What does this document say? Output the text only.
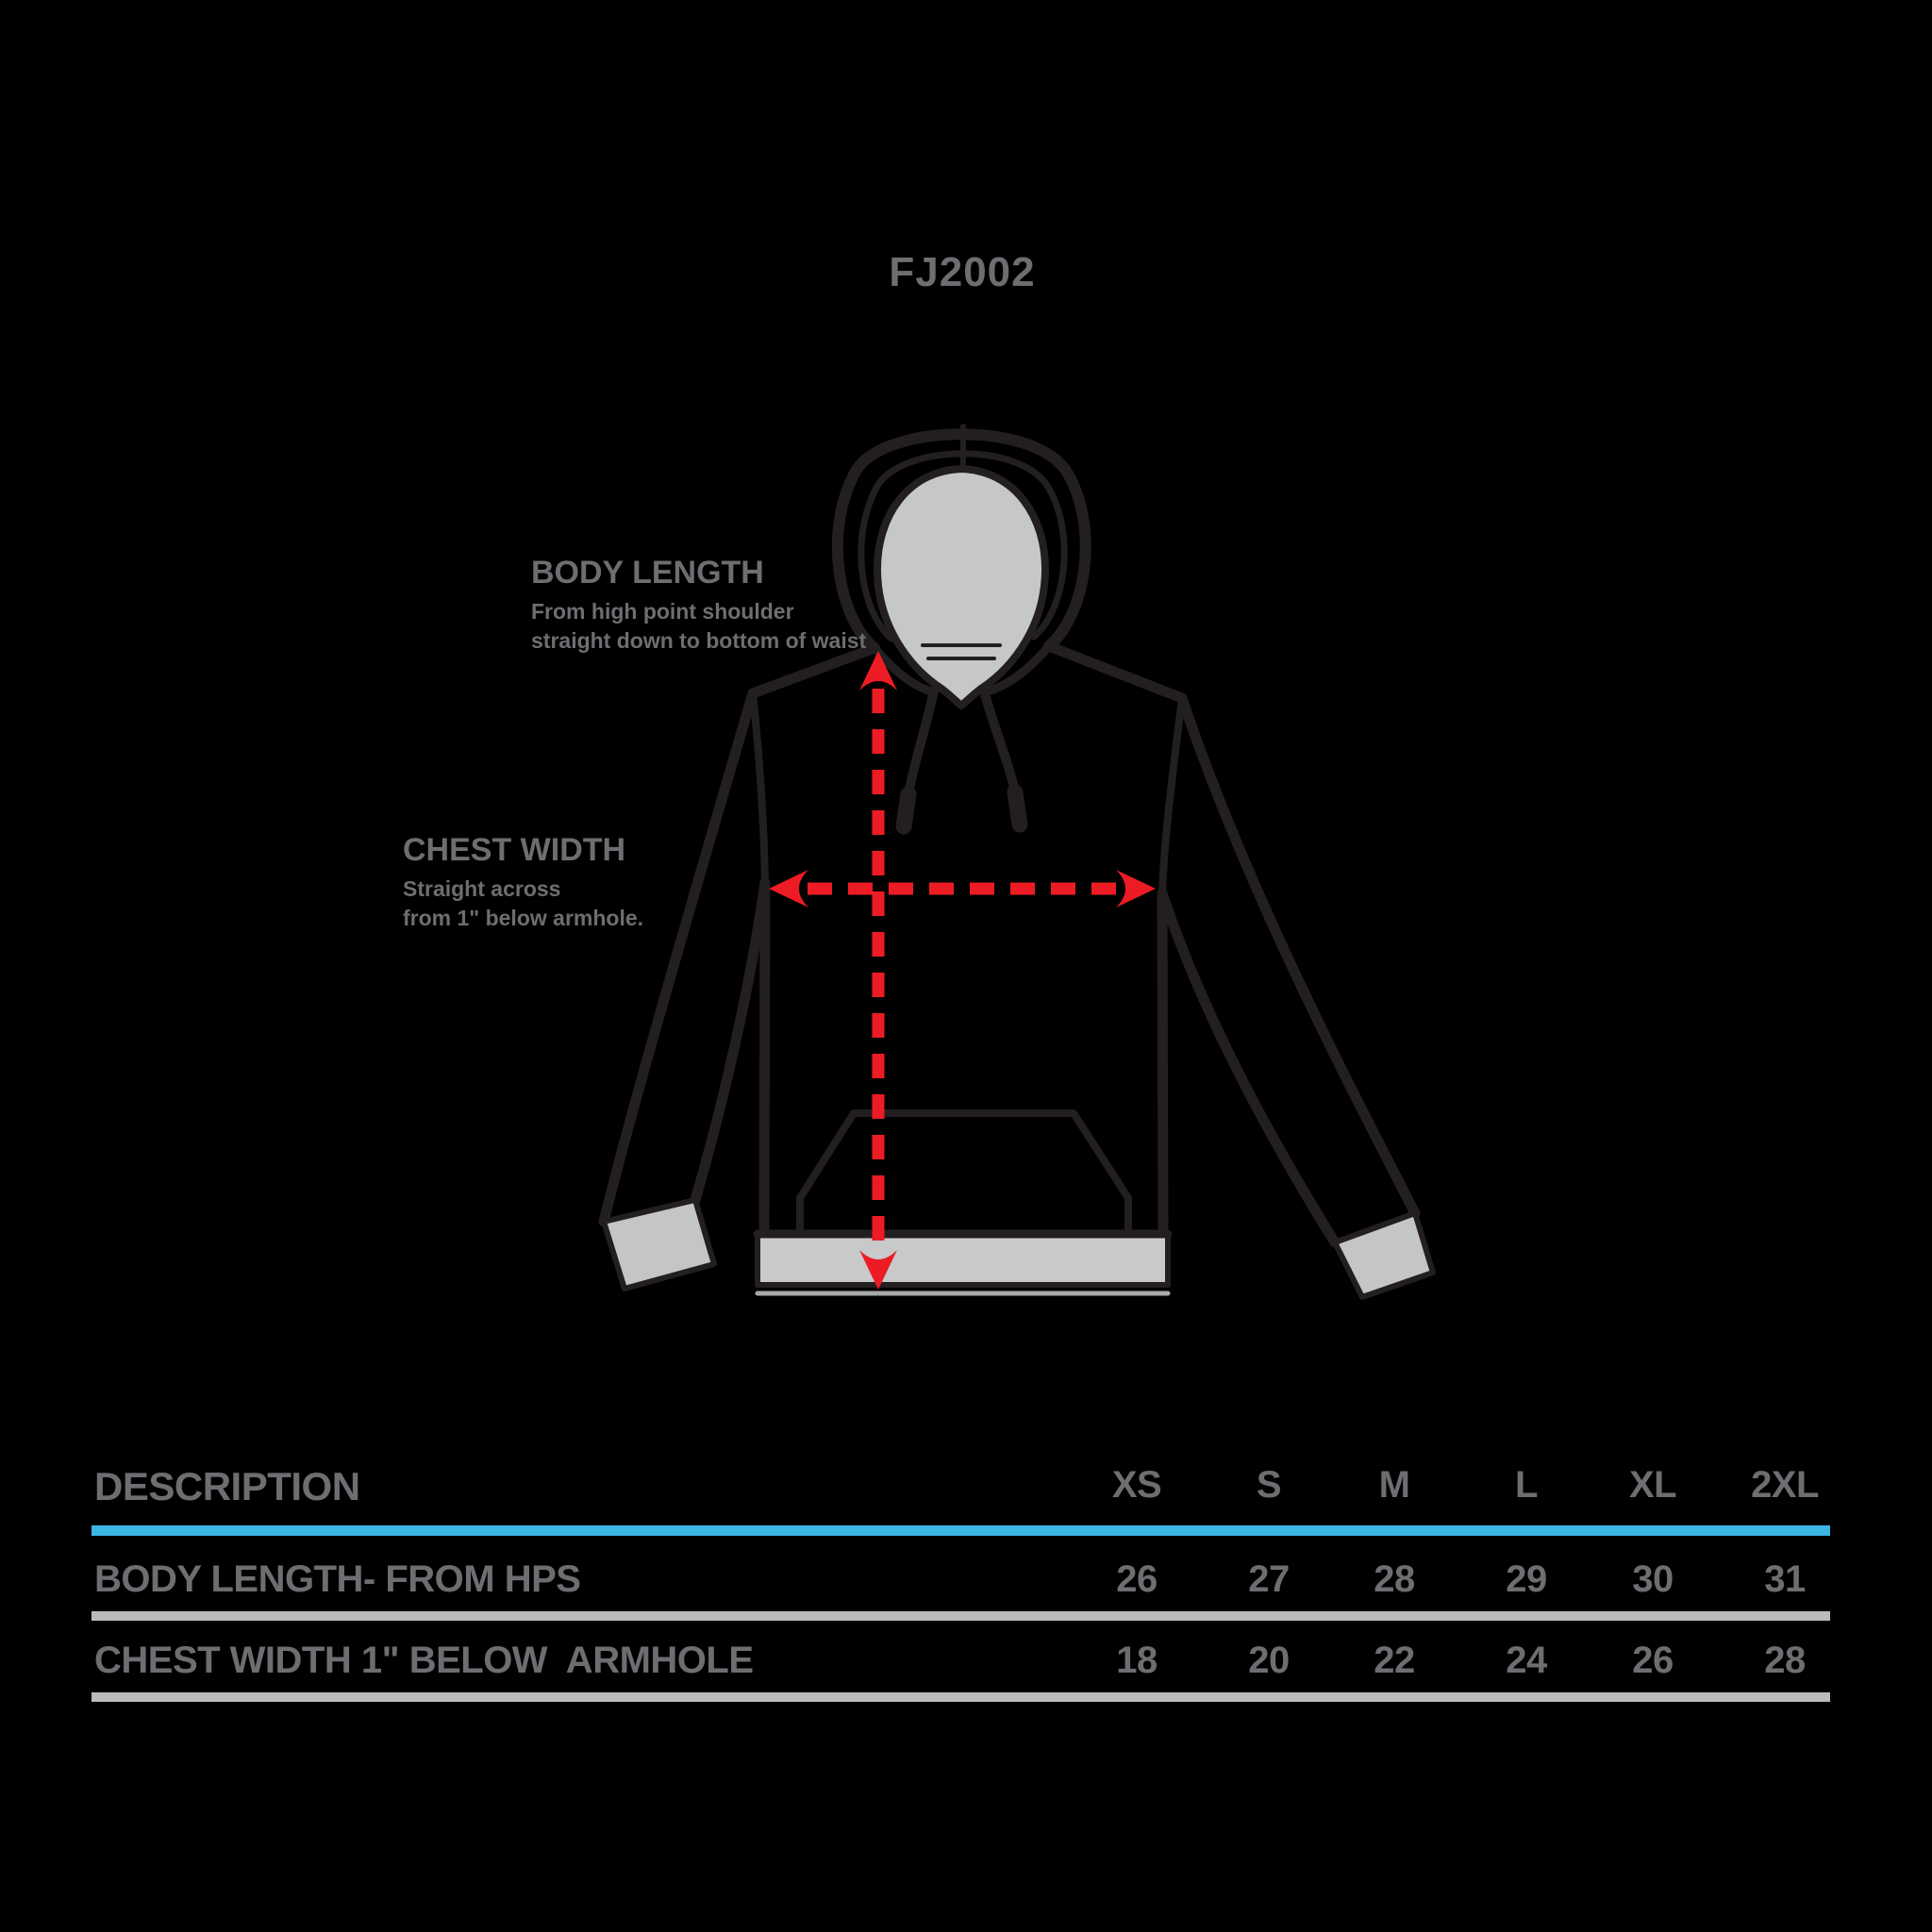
FJ2002
BODY LENGTH
From high point shoulder
straight down to bottom of waist
CHEST WIDTH
Straight across
from 1" below armhole.
DESCRIPTION	XS	S	M	L	XL	2XL
BODY LENGTH- FROM HPS	26	27	28	29	30	31
CHEST WIDTH 1" BELOW  ARMHOLE	18	20	22	24	26	28
